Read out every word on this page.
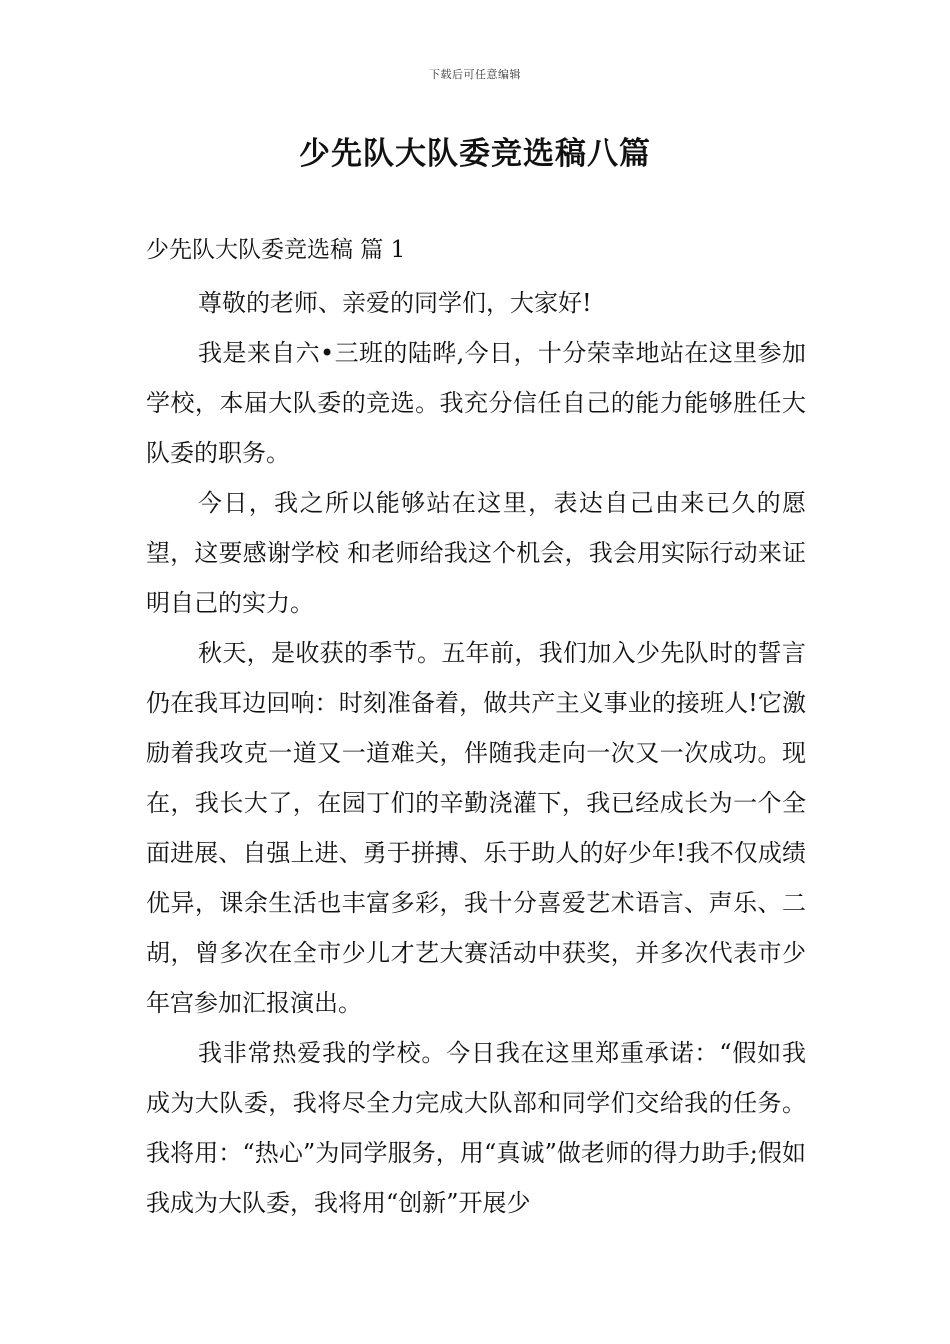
下载后可任意编辑
少先队大队委竞选稿八篇
少先队大队委竞选稿 篇 1

尊敬的老师、亲爱的同学们，大家好!

我是来自六•三班的陆晔,今日，十分荣幸地站在这里参加学校，本届大队委的竞选。我充分信任自己的能力能够胜任大队委的职务。

今日，我之所以能够站在这里，表达自己由来已久的愿望，这要感谢学校 和老师给我这个机会，我会用实际行动来证明自己的实力。

秋天，是收获的季节。五年前，我们加入少先队时的誓言仍在我耳边回响：时刻准备着，做共产主义事业的接班人!它激励着我攻克一道又一道难关，伴随我走向一次又一次成功。现在，我长大了，在园丁们的辛勤浇灌下，我已经成长为一个全面进展、自强上进、勇于拼搏、乐于助人的好少年!我不仅成绩优异，课余生活也丰富多彩，我十分喜爱艺术语言、声乐、二胡，曾多次在全市少儿才艺大赛活动中获奖，并多次代表市少年宫参加汇报演出。

我非常热爱我的学校。今日我在这里郑重承诺：“假如我成为大队委，我将尽全力完成大队部和同学们交给我的任务。我将用：“热心”为同学服务，用“真诚”做老师的得力助手;假如我成为大队委，我将用“创新”开展少
